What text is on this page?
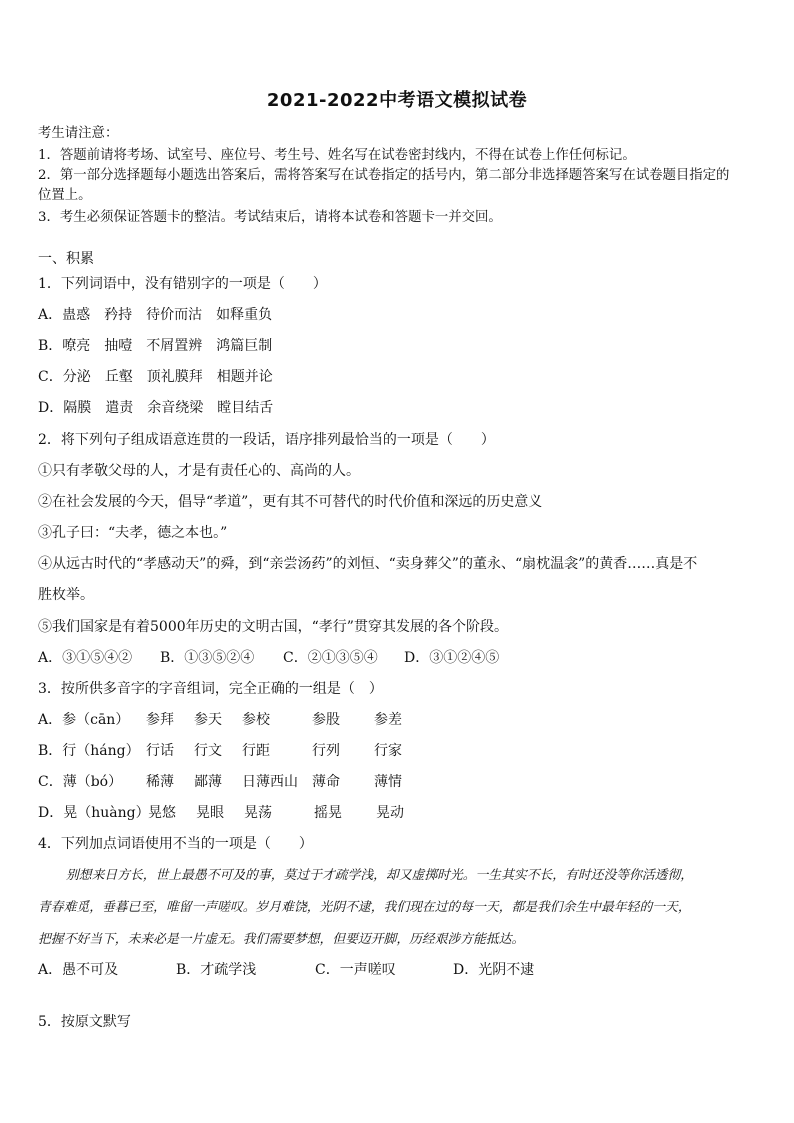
2021-2022中考语文模拟试卷
考生请注意：
1．答题前请将考场、试室号、座位号、考生号、姓名写在试卷密封线内，不得在试卷上作任何标记。
2．第一部分选择题每小题选出答案后，需将答案写在试卷指定的括号内，第二部分非选择题答案写在试卷题目指定的
位置上。
3．考生必须保证答题卡的整洁。考试结束后，请将本试卷和答题卡一并交回。
一、积累
1．下列词语中，没有错别字的一项是（　　）
A．蛊惑　矜持　待价而沽　如释重负
B．嘹亮　抽噎　不屑置辨　鸿篇巨制
C．分泌　丘壑　顶礼膜拜　相题并论
D．隔膜　遣责　余音绕梁　瞠目结舌
2．将下列句子组成语意连贯的一段话，语序排列最恰当的一项是（　　）
①只有孝敬父母的人，才是有责任心的、高尚的人。
②在社会发展的今天，倡导“孝道”，更有其不可替代的时代价值和深远的历史意义
③孔子曰：“夫孝，德之本也。”
④从远古时代的“孝感动天”的舜，到“亲尝汤药”的刘恒、“卖身葬父”的董永、“扇枕温衾”的黄香……真是不
胜枚举。
⑤我们国家是有着5000年历史的文明古国，“孝行”贯穿其发展的各个阶段。
A．③①⑤④② B．①③⑤②④ C．②①③⑤④ D．③①②④⑤
3．按所供多音字的字音组词，完全正确的一组是（　）
A．参（cān） 参拜 参天 参校	参股 参差
B．行（háng） 行话 行文 行距	行列 行家
C．薄（bó） 稀薄 鄙薄 日薄西山 薄命 薄情
D．晃（huàng）晃悠 晃眼 晃荡	摇晃 晃动
4．下列加点词语使用不当的一项是（　　）
别想来日方长，世上最愚不可及的事，莫过于才疏学浅，却又虚掷时光。一生其实不长，有时还没等你活透彻，
青春难觅，垂暮已至，唯留一声嗟叹。岁月难饶，光阴不逮，我们现在过的每一天，都是我们余生中最年轻的一天，
把握不好当下，未来必是一片虚无。我们需要梦想，但要迈开脚，历经艰涉方能抵达。
A．愚不可及	B．才疏学浅	C．一声嗟叹	D．光阴不逮
5．按原文默写
